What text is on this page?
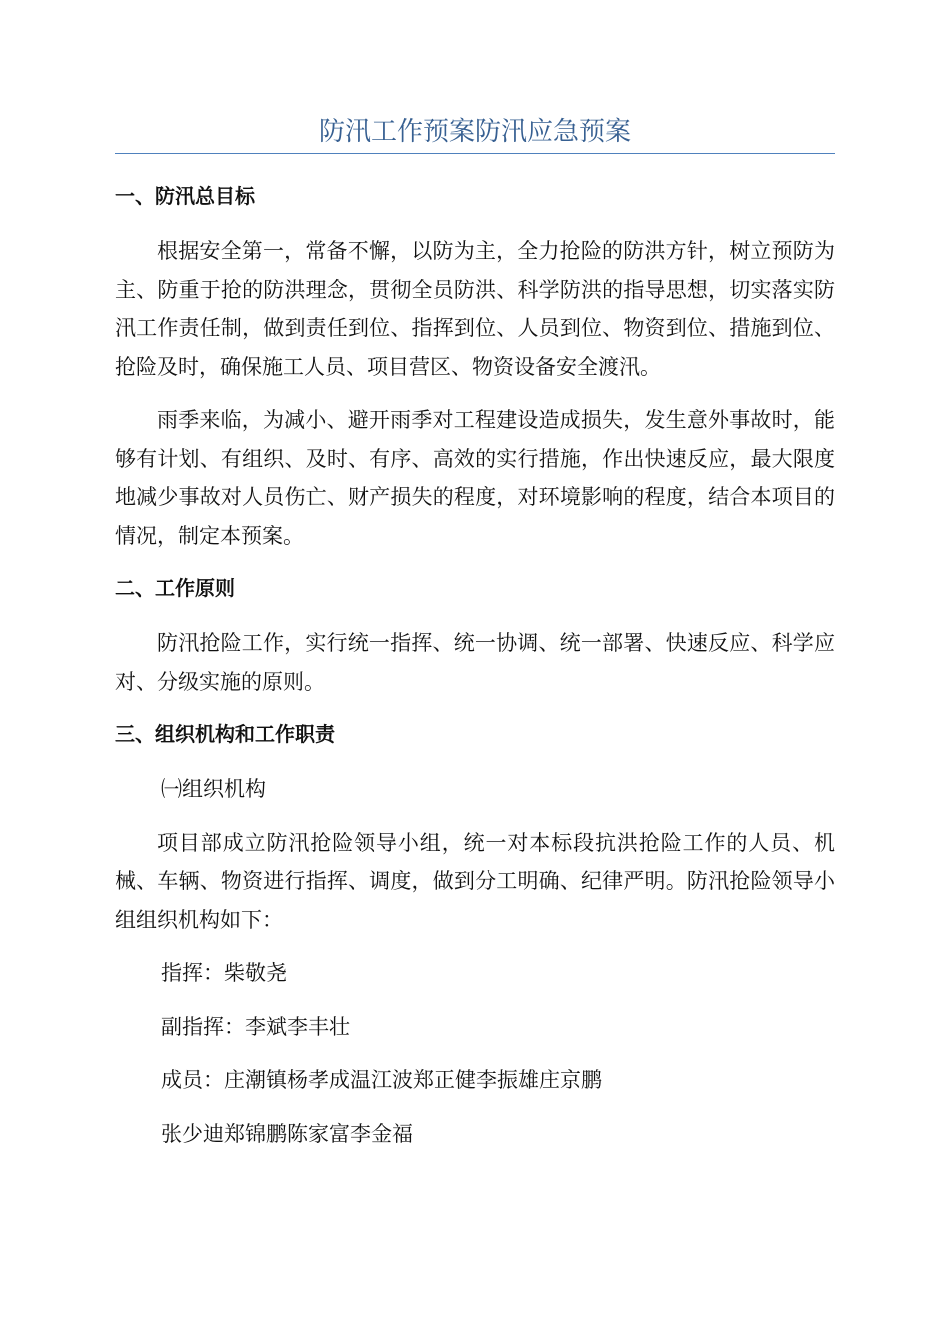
防汛工作预案防汛应急预案
一、防汛总目标

根据安全第一，常备不懈，以防为主，全力抢险的防洪方针，树立预防为主、防重于抢的防洪理念，贯彻全员防洪、科学防洪的指导思想，切实落实防汛工作责任制，做到责任到位、指挥到位、人员到位、物资到位、措施到位、抢险及时，确保施工人员、项目营区、物资设备安全渡汛。

雨季来临，为减小、避开雨季对工程建设造成损失，发生意外事故时，能够有计划、有组织、及时、有序、高效的实行措施，作出快速反应，最大限度地减少事故对人员伤亡、财产损失的程度，对环境影响的程度，结合本项目的情况，制定本预案。

二、工作原则

防汛抢险工作，实行统一指挥、统一协调、统一部署、快速反应、科学应对、分级实施的原则。

三、组织机构和工作职责
㈠组织机构

项目部成立防汛抢险领导小组，统一对本标段抗洪抢险工作的人员、机械、车辆、物资进行指挥、调度，做到分工明确、纪律严明。防汛抢险领导小组组织机构如下：

指挥：柴敬尧
副指挥：李斌李丰壮
成员：庄潮镇杨孝成温江波郑正健李振雄庄京鹏
张少迪郑锦鹏陈家富李金福
